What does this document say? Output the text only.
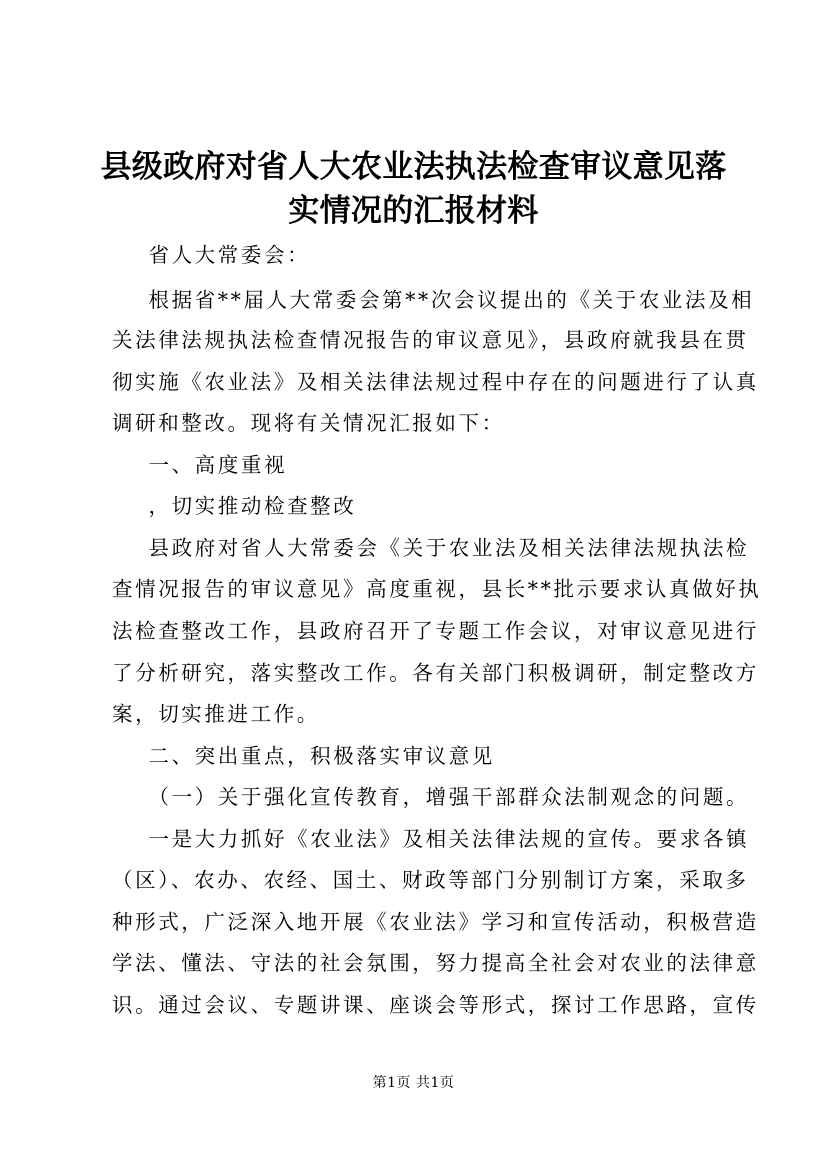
县级政府对省人大农业法执法检查审议意见落
实情况的汇报材料
省人大常委会：
根据省**届人大常委会第**次会议提出的《关于农业法及相
关法律法规执法检查情况报告的审议意见》，县政府就我县在贯
彻实施《农业法》及相关法律法规过程中存在的问题进行了认真
调研和整改。现将有关情况汇报如下：
一、高度重视
，切实推动检查整改
县政府对省人大常委会《关于农业法及相关法律法规执法检
查情况报告的审议意见》高度重视，县长**批示要求认真做好执
法检查整改工作，县政府召开了专题工作会议，对审议意见进行
了分析研究，落实整改工作。各有关部门积极调研，制定整改方
案，切实推进工作。
二、突出重点，积极落实审议意见
（一）关于强化宣传教育，增强干部群众法制观念的问题。
一是大力抓好《农业法》及相关法律法规的宣传。要求各镇
（区）、农办、农经、国土、财政等部门分别制订方案，采取多
种形式，广泛深入地开展《农业法》学习和宣传活动，积极营造
学法、懂法、守法的社会氛围，努力提高全社会对农业的法律意
识。通过会议、专题讲课、座谈会等形式，探讨工作思路，宣传
第1页 共1页
